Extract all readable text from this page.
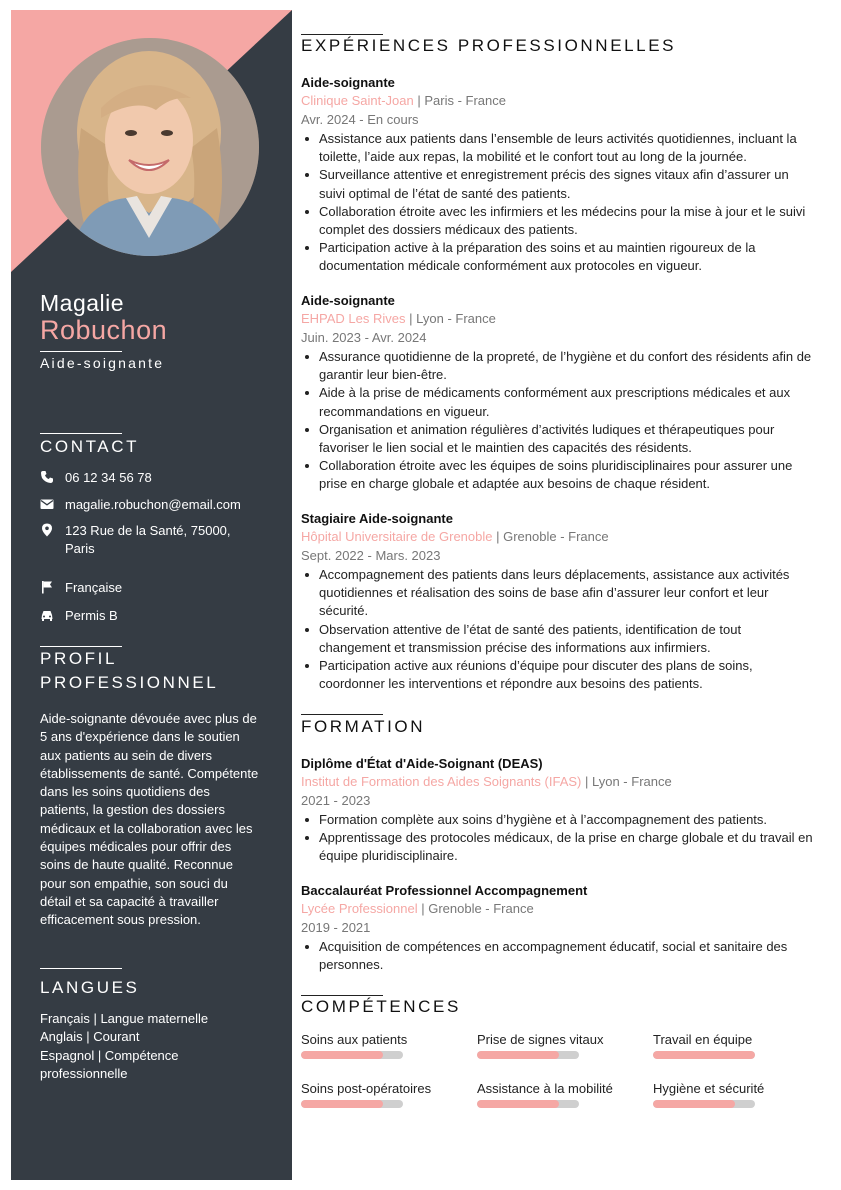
Magalie
Robuchon
Aide-soignante
CONTACT
06 12 34 56 78
magalie.robuchon@email.com
123 Rue de la Santé, 75000, Paris
Française
Permis B
PROFIL
PROFESSIONNEL
Aide-soignante dévouée avec plus de 5 ans d'expérience dans le soutien aux patients au sein de divers établissements de santé. Compétente dans les soins quotidiens des patients, la gestion des dossiers médicaux et la collaboration avec les équipes médicales pour offrir des soins de haute qualité. Reconnue pour son empathie, son souci du détail et sa capacité à travailler efficacement sous pression.
LANGUES
Français | Langue maternelle
Anglais | Courant
Espagnol | Compétence professionnelle
EXPÉRIENCES PROFESSIONNELLES
Aide-soignante
Clinique Saint-Joan | Paris - France
Avr. 2024 - En cours
Assistance aux patients dans l’ensemble de leurs activités quotidiennes, incluant la toilette, l’aide aux repas, la mobilité et le confort tout au long de la journée.
Surveillance attentive et enregistrement précis des signes vitaux afin d’assurer un suivi optimal de l’état de santé des patients.
Collaboration étroite avec les infirmiers et les médecins pour la mise à jour et le suivi complet des dossiers médicaux des patients.
Participation active à la préparation des soins et au maintien rigoureux de la documentation médicale conformément aux protocoles en vigueur.
Aide-soignante
EHPAD Les Rives | Lyon - France
Juin. 2023 - Avr. 2024
Assurance quotidienne de la propreté, de l’hygiène et du confort des résidents afin de garantir leur bien-être.
Aide à la prise de médicaments conformément aux prescriptions médicales et aux recommandations en vigueur.
Organisation et animation régulières d’activités ludiques et thérapeutiques pour favoriser le lien social et le maintien des capacités des résidents.
Collaboration étroite avec les équipes de soins pluridisciplinaires pour assurer une prise en charge globale et adaptée aux besoins de chaque résident.
Stagiaire Aide-soignante
Hôpital Universitaire de Grenoble | Grenoble - France
Sept. 2022 - Mars. 2023
Accompagnement des patients dans leurs déplacements, assistance aux activités quotidiennes et réalisation des soins de base afin d’assurer leur confort et leur sécurité.
Observation attentive de l’état de santé des patients, identification de tout changement et transmission précise des informations aux infirmiers.
Participation active aux réunions d’équipe pour discuter des plans de soins, coordonner les interventions et répondre aux besoins des patients.
FORMATION
Diplôme d'État d'Aide-Soignant (DEAS)
Institut de Formation des Aides Soignants (IFAS) | Lyon - France
2021 - 2023
Formation complète aux soins d’hygiène et à l’accompagnement des patients.
Apprentissage des protocoles médicaux, de la prise en charge globale et du travail en équipe pluridisciplinaire.
Baccalauréat Professionnel Accompagnement
Lycée Professionnel | Grenoble - France
2019 - 2021
Acquisition de compétences en accompagnement éducatif, social et sanitaire des personnes.
COMPÉTENCES
Soins aux patients	Prise de signes vitaux	Travail en équipe
Soins post-opératoires	Assistance à la mobilité	Hygiène et sécurité
